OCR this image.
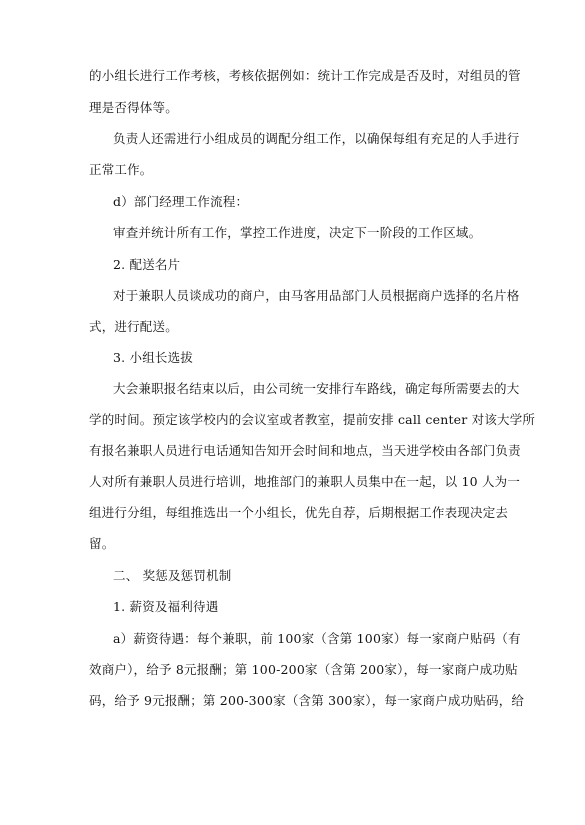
的小组长进行工作考核，考核依据例如：统计工作完成是否及时，对组员的管
理是否得体等。
负责人还需进行小组成员的调配分组工作，以确保每组有充足的人手进行
正常工作。
d）部门经理工作流程：
审查并统计所有工作，掌控工作进度，决定下一阶段的工作区域。
2. 配送名片
对于兼职人员谈成功的商户，由马客用品部门人员根据商户选择的名片格
式，进行配送。
3. 小组长选拔
大会兼职报名结束以后，由公司统一安排行车路线，确定每所需要去的大
学的时间。预定该学校内的会议室或者教室，提前安排 call center 对该大学所
有报名兼职人员进行电话通知告知开会时间和地点，当天进学校由各部门负责
人对所有兼职人员进行培训，地推部门的兼职人员集中在一起，以 10 人为一
组进行分组，每组推选出一个小组长，优先自荐，后期根据工作表现决定去
留。
二、 奖惩及惩罚机制
1. 薪资及福利待遇
a）薪资待遇：每个兼职，前 100家（含第 100家）每一家商户贴码（有
效商户），给予 8元报酬；第 100-200家（含第 200家），每一家商户成功贴
码，给予 9元报酬；第 200-300家（含第 300家），每一家商户成功贴码，给
